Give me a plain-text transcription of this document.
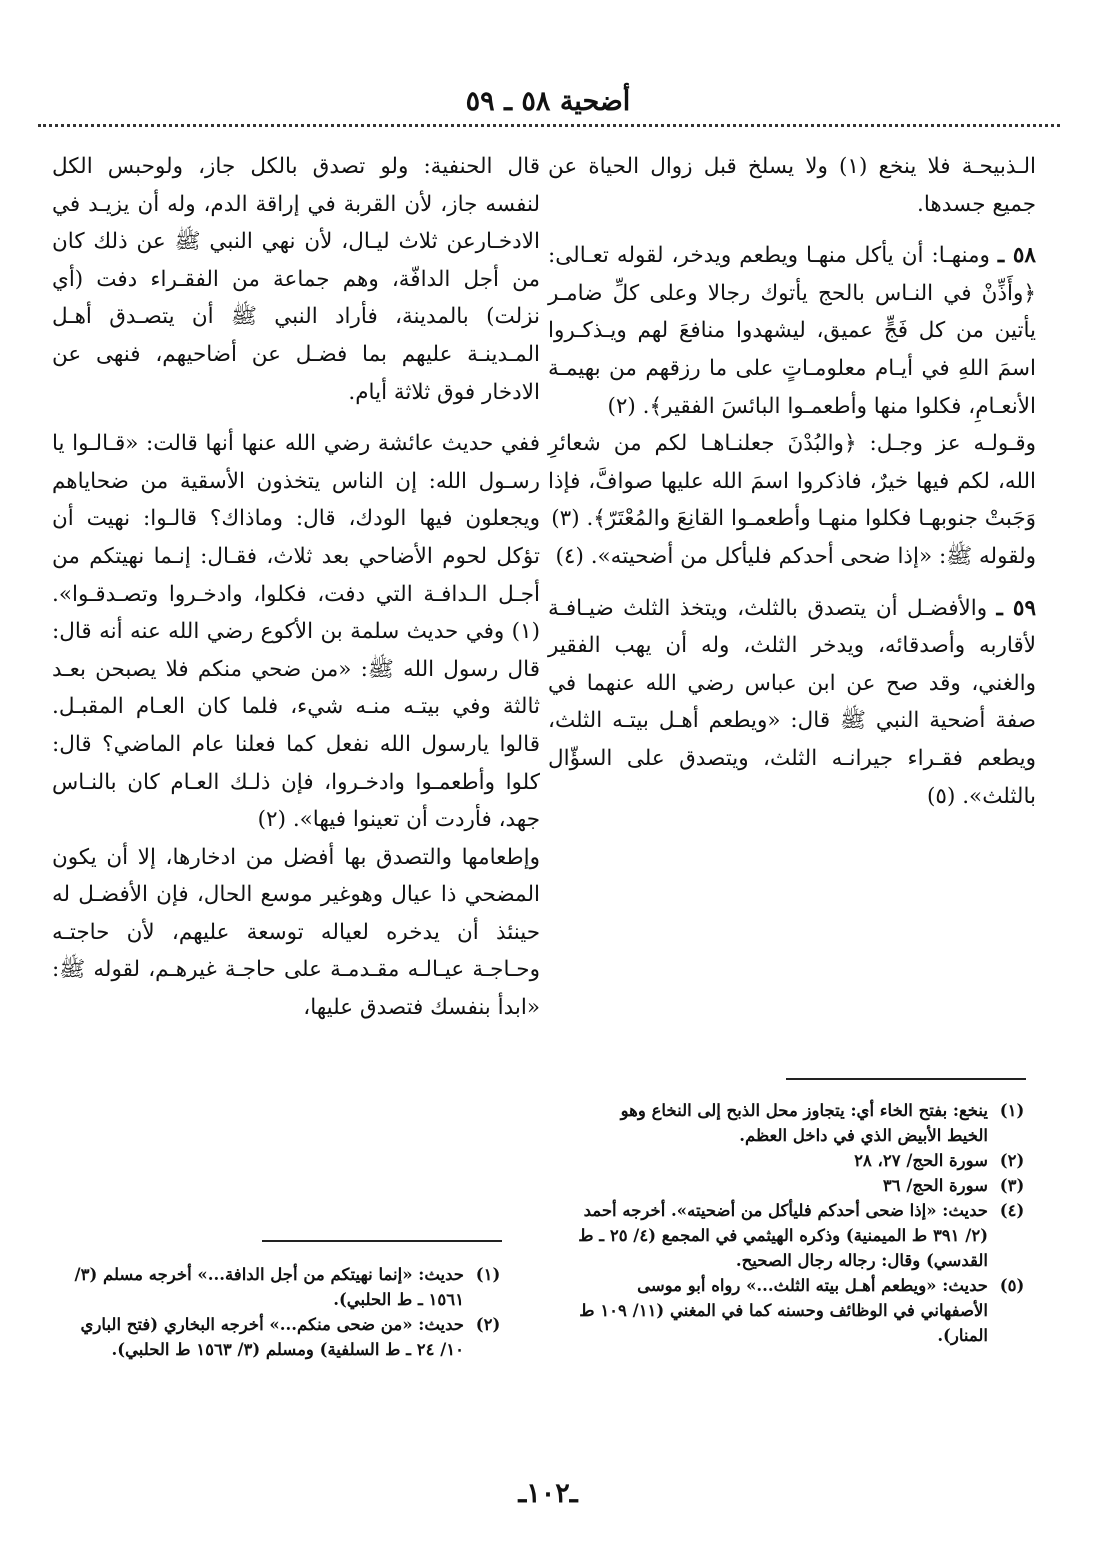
أضحية ٥٨ ـ ٥٩

الـذبيحـة فلا ينخع (١) ولا يسلخ قبل زوال الحياة عن جميع جسدها.

٥٨ ـ ومنهـا: أن يأكل منهـا ويطعم ويدخر، لقوله تعـالى: ﴿وأَذِّنْ في النـاس بالحج يأتوك رجالا وعلى كلِّ ضامـر يأتين من كل فَجٍّ عميق، ليشهدوا منافعَ لهم ويـذكـروا اسمَ اللهِ في أيـام معلومـاتٍ على ما رزقهم من بهيمـة الأنعـامِ، فكلوا منها وأطعمـوا البائسَ الفقير﴾. (٢)

وقـولـه عز وجـل: ﴿والبُدْنَ جعلنـاهـا لكم من شعائرِ الله، لكم فيها خيرٌ، فاذكروا اسمَ الله عليها صوافَّ، فإذا وَجَبتْ جنوبهـا فكلوا منهـا وأطعمـوا القانِعَ والمُعْتَرّ﴾. (٣)

ولقوله ﷺ: «إذا ضحى أحدكم فليأكل من أضحيته». (٤)

٥٩ ـ والأفضـل أن يتصدق بالثلث، ويتخذ الثلث ضيـافـة لأقاربه وأصدقائه، ويدخر الثلث، وله أن يهب الفقير والغني، وقد صح عن ابن عباس رضي الله عنهما في صفة أضحية النبي ﷺ قال: «ويطعم أهـل بيتـه الثلث، ويطعم فقـراء جيرانـه الثلث، ويتصدق على السؤّال بالثلث». (٥)

قال الحنفية: ولو تصدق بالكل جاز، ولوحبس الكل لنفسه جاز، لأن القربة في إراقة الدم، وله أن يزيـد في الادخـارعن ثلاث ليـال، لأن نهي النبي ﷺ عن ذلك كان من أجل الدافّة، وهم جماعة من الفقـراء دفت (أي نزلت) بالمدينة، فأراد النبي ﷺ أن يتصـدق أهـل المـدينـة عليهم بما فضـل عن أضاحيهم، فنهى عن الادخار فوق ثلاثة أيام.

ففي حديث عائشة رضي الله عنها أنها قالت: «قـالـوا يا رسـول الله: إن الناس يتخذون الأسقية من ضحاياهم ويجعلون فيها الودك، قال: وماذاك؟ قالـوا: نهيت أن تؤكل لحوم الأضاحي بعد ثلاث، فقـال: إنـما نهيتكم من أجـل الـدافـة التي دفت، فكلوا، وادخـروا وتصـدقـوا». (١) وفي حديث سلمة بن الأكوع رضي الله عنه أنه قال: قال رسول الله ﷺ: «من ضحي منكم فلا يصبحن بعـد ثالثة وفي بيتـه منـه شيء، فلما كان العـام المقبـل. قالوا يارسول الله نفعل كما فعلنا عام الماضي؟ قال: كلوا وأطعمـوا وادخـروا، فإن ذلـك العـام كان بالنـاس جهد، فأردت أن تعينوا فيها». (٢)

وإطعامها والتصدق بها أفضل من ادخارها، إلا أن يكون المضحي ذا عيال وهوغير موسع الحال، فإن الأفضـل له حينئذ أن يدخره لعياله توسعة عليهم، لأن حاجتـه وحـاجـة عيـالـه مقـدمـة على حاجـة غيرهـم، لقوله ﷺ: «ابدأ بنفسك فتصدق عليها،

(١)
ينخع: بفتح الخاء أي: يتجاوز محل الذبح إلى النخاع وهو الخيط الأبيض الذي في داخل العظم.
(٢)
سورة الحج/ ٢٧، ٢٨
(٣)
سورة الحج/ ٣٦
(٤)
حديث: «إذا ضحى أحدكم فليأكل من أضحيته». أخرجه أحمد (٢/ ٣٩١ ط الميمنية) وذكره الهيثمي في المجمع (٤/ ٢٥ ـ ط القدسي) وقال: رجاله رجال الصحيح.
(٥)
حديث: «ويطعم أهـل بيته الثلث...» رواه أبو موسى الأصفهاني في الوظائف وحسنه كما في المغني (١١/ ١٠٩ ط المنار).
(١)
حديث: «إنما نهيتكم من أجل الدافة...» أخرجه مسلم (٣/ ١٥٦١ ـ ط الحلبي).
(٢)
حديث: «من ضحى منكم...» أخرجه البخاري (فتح الباري ١٠/ ٢٤ ـ ط السلفية) ومسلم (٣/ ١٥٦٣ ط الحلبي).
ـ١٠٢ـ
